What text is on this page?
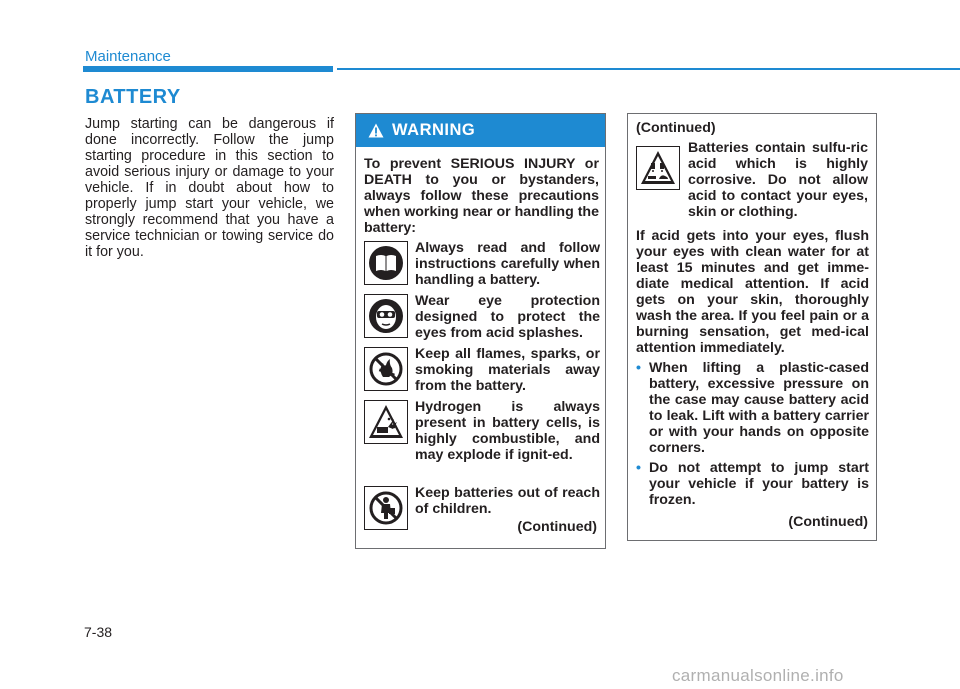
Maintenance
BATTERY
Jump starting can be dangerous if done incorrectly. Follow the jump starting procedure in this section to avoid serious injury or damage to your vehicle. If in doubt about how to properly jump start your vehicle, we strongly recommend that you have a service technician or towing service do it for you.
WARNING
To prevent SERIOUS INJURY or DEATH to you or bystanders, always follow these precautions when working near or handling the battery:
Always read and follow instructions carefully when handling a battery.
Wear eye protection designed to protect the eyes from acid splashes.
Keep all flames, sparks, or smoking materials away from the battery.
Hydrogen is always present in battery cells, is highly combustible, and may explode if ignit-ed.
Keep batteries out of reach of children.
(Continued)
(Continued)
Batteries contain sulfu-ric acid which is highly corrosive. Do not allow acid to contact your eyes, skin or clothing.
If acid gets into your eyes, flush your eyes with clean water for at least 15 minutes and get imme-diate medical attention. If acid gets on your skin, thoroughly wash the area. If you feel pain or a burning sensation, get med-ical attention immediately.
• When lifting a plastic-cased battery, excessive pressure on the case may cause battery acid to leak. Lift with a battery carrier or with your hands on opposite corners.
• Do not attempt to jump start your vehicle if your battery is frozen.
(Continued)
7-38
carmanualsonline.info
